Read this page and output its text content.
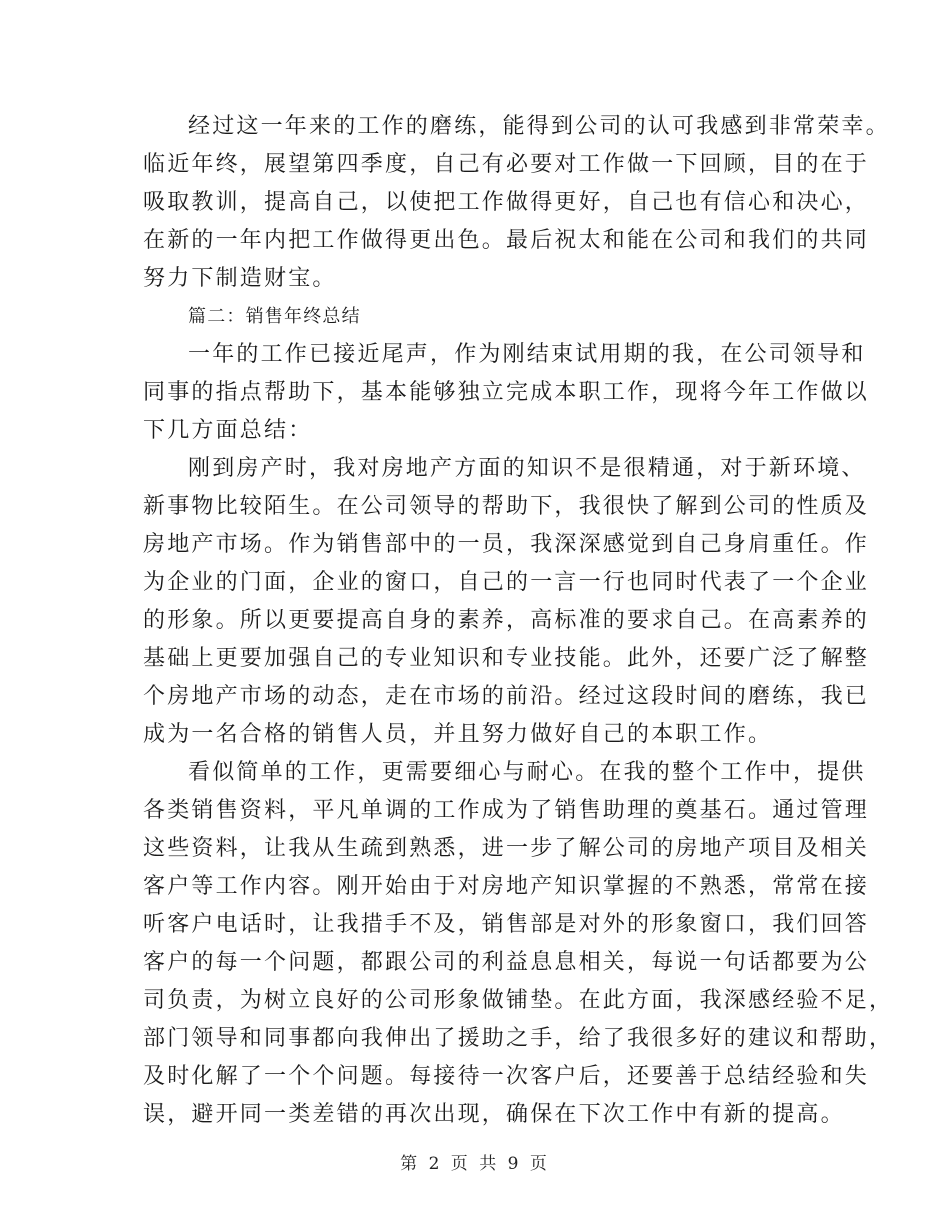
经过这一年来的工作的磨练，能得到公司的认可我感到非常荣幸。
临近年终，展望第四季度，自己有必要对工作做一下回顾，目的在于
吸取教训，提高自己，以使把工作做得更好，自己也有信心和决心，
在新的一年内把工作做得更出色。最后祝太和能在公司和我们的共同
努力下制造财宝。
篇二：销售年终总结
一年的工作已接近尾声，作为刚结束试用期的我，在公司领导和
同事的指点帮助下，基本能够独立完成本职工作，现将今年工作做以
下几方面总结：
刚到房产时，我对房地产方面的知识不是很精通，对于新环境、
新事物比较陌生。在公司领导的帮助下，我很快了解到公司的性质及
房地产市场。作为销售部中的一员，我深深感觉到自己身肩重任。作
为企业的门面，企业的窗口，自己的一言一行也同时代表了一个企业
的形象。所以更要提高自身的素养，高标准的要求自己。在高素养的
基础上更要加强自己的专业知识和专业技能。此外，还要广泛了解整
个房地产市场的动态，走在市场的前沿。经过这段时间的磨练，我已
成为一名合格的销售人员，并且努力做好自己的本职工作。
看似简单的工作，更需要细心与耐心。在我的整个工作中，提供
各类销售资料，平凡单调的工作成为了销售助理的奠基石。通过管理
这些资料，让我从生疏到熟悉，进一步了解公司的房地产项目及相关
客户等工作内容。刚开始由于对房地产知识掌握的不熟悉，常常在接
听客户电话时，让我措手不及，销售部是对外的形象窗口，我们回答
客户的每一个问题，都跟公司的利益息息相关，每说一句话都要为公
司负责，为树立良好的公司形象做铺垫。在此方面，我深感经验不足，
部门领导和同事都向我伸出了援助之手，给了我很多好的建议和帮助，
及时化解了一个个问题。每接待一次客户后，还要善于总结经验和失
误，避开同一类差错的再次出现，确保在下次工作中有新的提高。
第 2 页 共 9 页
